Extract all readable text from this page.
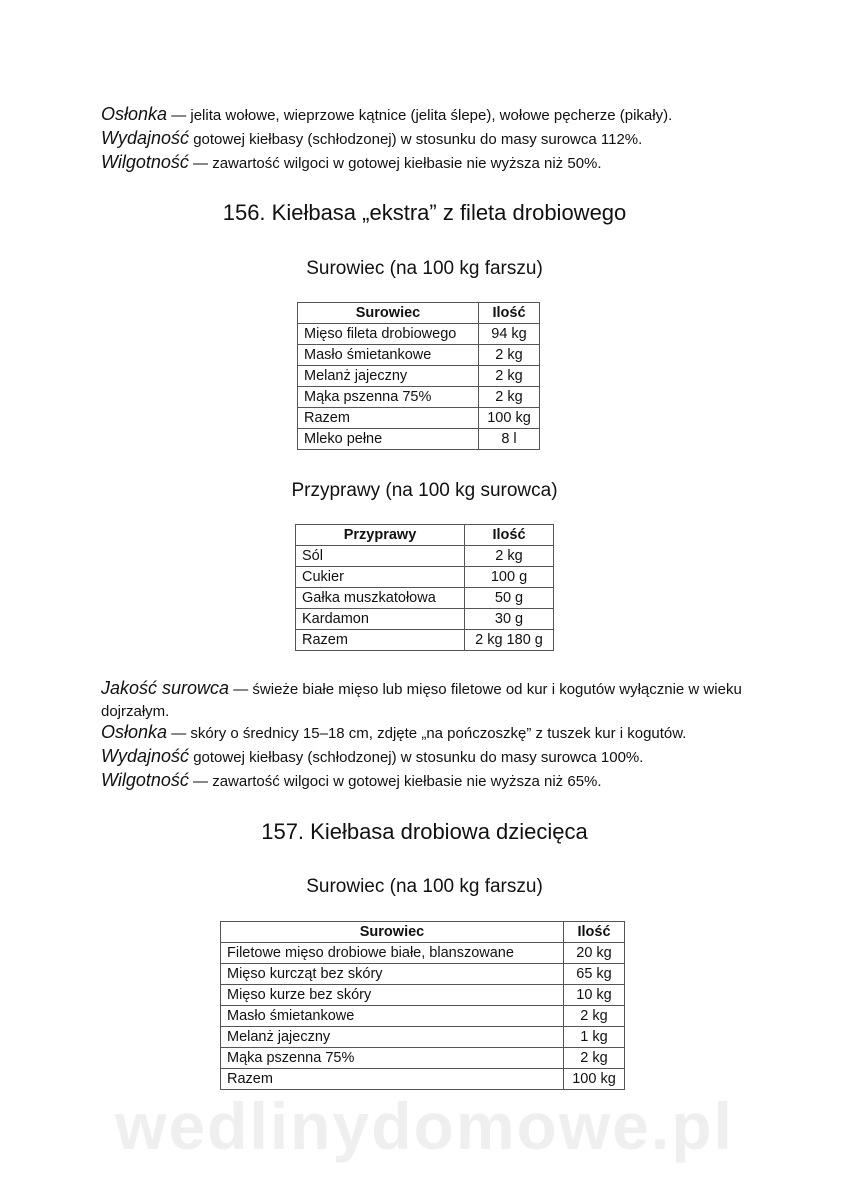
Osłonka — jelita wołowe, wieprzowe kątnice (jelita ślepe), wołowe pęcherze (pikały).

Wydajność gotowej kiełbasy (schłodzonej) w stosunku do masy surowca 112%.

Wilgotność — zawartość wilgoci w gotowej kiełbasie nie wyższa niż 50%.

156. Kiełbasa „ekstra” z fileta drobiowego
Surowiec (na 100 kg farszu)
Surowiec	Ilość
Mięso fileta drobiowego	94 kg
Masło śmietankowe	2 kg
Melanż jajeczny	2 kg
Mąka pszenna 75%	2 kg
Razem	100 kg
Mleko pełne	8 l
Przyprawy (na 100 kg surowca)
Przyprawy	Ilość
Sól	2 kg
Cukier	100 g
Gałka muszkatołowa	50 g
Kardamon	30 g
Razem	2 kg 180 g

Jakość surowca — świeże białe mięso lub mięso filetowe od kur i kogutów wyłącznie w wieku dojrzałym.

Osłonka — skóry o średnicy 15–18 cm, zdjęte „na pończoszkę” z tuszek kur i kogutów.

Wydajność gotowej kiełbasy (schłodzonej) w stosunku do masy surowca 100%.

Wilgotność — zawartość wilgoci w gotowej kiełbasie nie wyższa niż 65%.

157. Kiełbasa drobiowa dziecięca
Surowiec (na 100 kg farszu)
Surowiec	Ilość
Filetowe mięso drobiowe białe, blanszowane	20 kg
Mięso kurcząt bez skóry	65 kg
Mięso kurze bez skóry	10 kg
Masło śmietankowe	2 kg
Melanż jajeczny	1 kg
Mąka pszenna 75%	2 kg
Razem	100 kg
wedlinydomowe.pl
